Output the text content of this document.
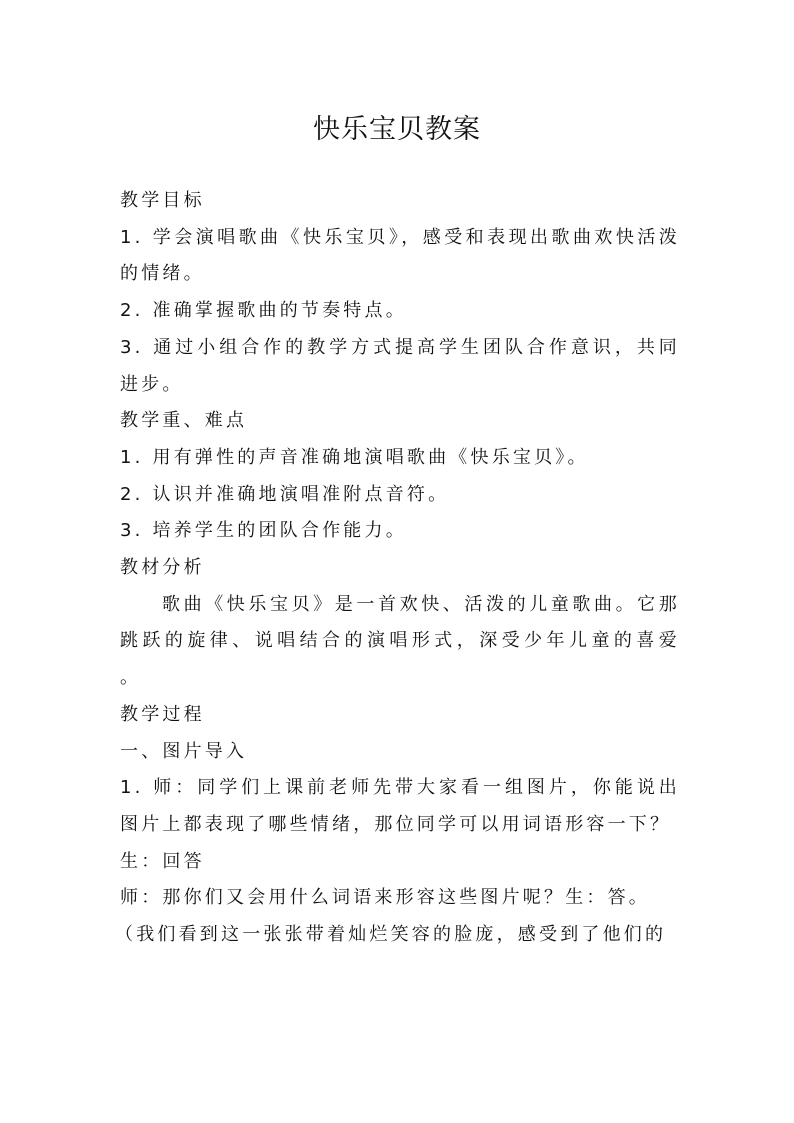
快乐宝贝教案

教学目标

1. 学会演唱歌曲《快乐宝贝》，感受和表现出歌曲欢快活泼的情绪。

2. 准确掌握歌曲的节奏特点。

3. 通过小组合作的教学方式提高学生团队合作意识，共同进步。

教学重、难点

1. 用有弹性的声音准确地演唱歌曲《快乐宝贝》。

2. 认识并准确地演唱准附点音符。

3. 培养学生的团队合作能力。

教材分析

歌曲《快乐宝贝》是一首欢快、活泼的儿童歌曲。它那跳跃的旋律、说唱结合的演唱形式，深受少年儿童的喜爱 。

教学过程

一、图片导入

1. 师：同学们上课前老师先带大家看一组图片，你能说出图片上都表现了哪些情绪，那位同学可以用词语形容一下？

生：回答

师：那你们又会用什么词语来形容这些图片呢？生：答。

（我们看到这一张张带着灿烂笑容的脸庞，感受到了他们的
